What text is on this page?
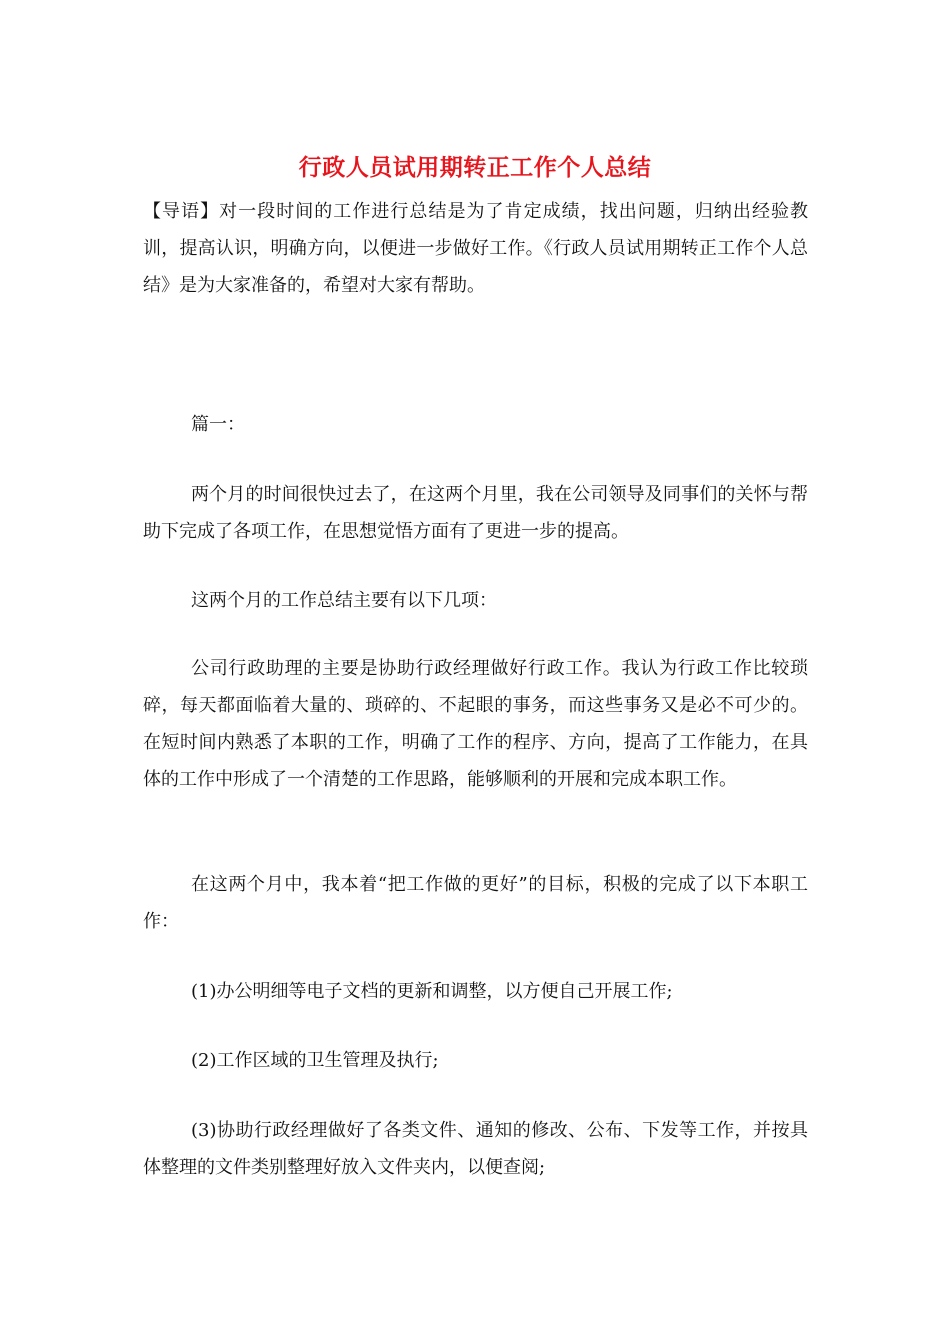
行政人员试用期转正工作个人总结
【导语】对一段时间的工作进行总结是为了肯定成绩，找出问题，归纳出经验教训，提高认识，明确方向，以便进一步做好工作。《行政人员试用期转正工作个人总结》是为大家准备的，希望对大家有帮助。
篇一：
两个月的时间很快过去了，在这两个月里，我在公司领导及同事们的关怀与帮助下完成了各项工作，在思想觉悟方面有了更进一步的提高。
这两个月的工作总结主要有以下几项：
公司行政助理的主要是协助行政经理做好行政工作。我认为行政工作比较琐碎，每天都面临着大量的、琐碎的、不起眼的事务，而这些事务又是必不可少的。在短时间内熟悉了本职的工作，明确了工作的程序、方向，提高了工作能力，在具体的工作中形成了一个清楚的工作思路，能够顺利的开展和完成本职工作。
在这两个月中，我本着“把工作做的更好”的目标，积极的完成了以下本职工作：
(1)办公明细等电子文档的更新和调整，以方便自己开展工作;
(2)工作区域的卫生管理及执行;
(3)协助行政经理做好了各类文件、通知的修改、公布、下发等工作，并按具体整理的文件类别整理好放入文件夹内，以便查阅;
